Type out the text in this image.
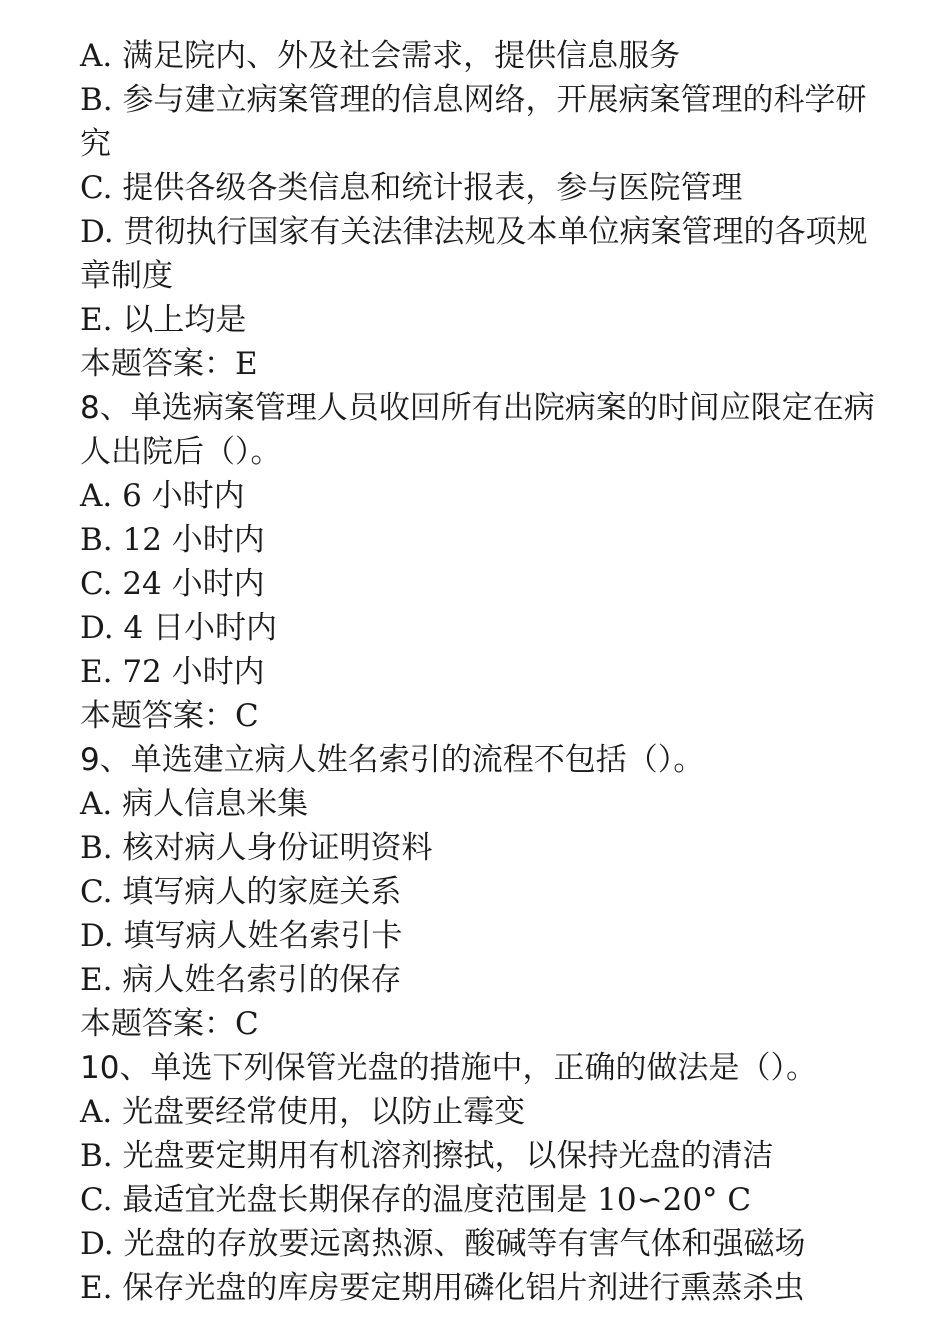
A. 满足院内、外及社会需求，提供信息服务
B. 参与建立病案管理的信息网络，开展病案管理的科学研究
C. 提供各级各类信息和统计报表，参与医院管理
D. 贯彻执行国家有关法律法规及本单位病案管理的各项规章制度
E. 以上均是
本题答案：E
8、单选病案管理人员收回所有出院病案的时间应限定在病人出院后（）。
A. 6 小时内
B. 12 小时内
C. 24 小时内
D. 4 日小时内
E. 72 小时内
本题答案：C
9、单选建立病人姓名索引的流程不包括（）。
A. 病人信息米集
B. 核对病人身份证明资料
C. 填写病人的家庭关系
D. 填写病人姓名索引卡
E. 病人姓名索引的保存
本题答案：C
10、单选下列保管光盘的措施中，正确的做法是（）。
A. 光盘要经常使用，以防止霉变
B. 光盘要定期用有机溶剂擦拭，以保持光盘的清洁
C. 最适宜光盘长期保存的温度范围是 10∽20° C
D. 光盘的存放要远离热源、酸碱等有害气体和强磁场
E. 保存光盘的库房要定期用磷化铝片剂进行熏蒸杀虫
